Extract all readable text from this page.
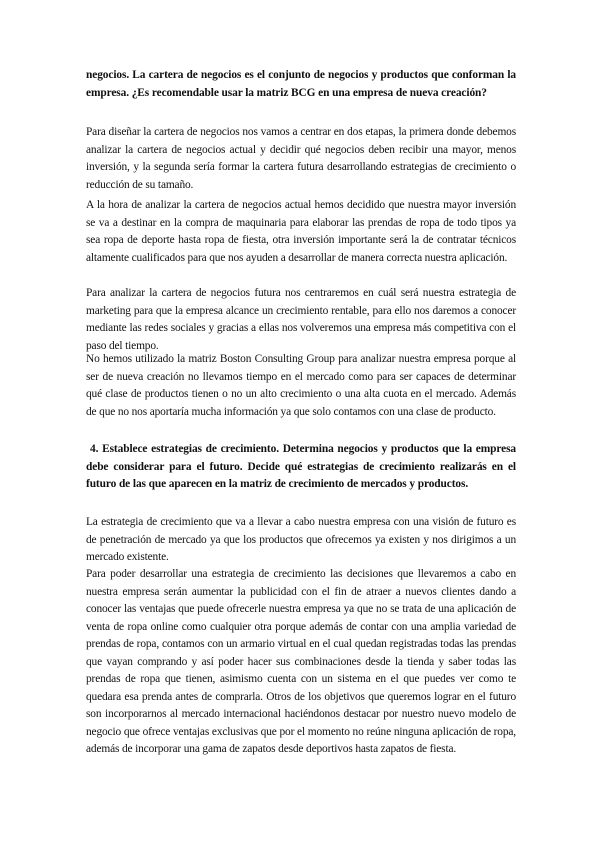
negocios. La cartera de negocios es el conjunto de negocios y productos que conforman la empresa. ¿Es recomendable usar la matriz BCG en una empresa de nueva creación?

Para diseñar la cartera de negocios nos vamos a centrar en dos etapas, la primera donde debemos analizar la cartera de negocios actual y decidir qué negocios deben recibir una mayor, menos inversión, y la segunda sería formar la cartera futura desarrollando estrategias de crecimiento o reducción de su tamaño.

A la hora de analizar la cartera de negocios actual hemos decidido que nuestra mayor inversión se va a destinar en la compra de maquinaria para elaborar las prendas de ropa de todo tipos ya sea ropa de deporte hasta ropa de fiesta, otra inversión importante será la de contratar técnicos altamente cualificados para que nos ayuden a desarrollar de manera correcta nuestra aplicación.

Para analizar la cartera de negocios futura nos centraremos en cuál será nuestra estrategia de marketing para que la empresa alcance un crecimiento rentable, para ello nos daremos a conocer mediante las redes sociales y gracias a ellas nos volveremos una empresa más competitiva con el paso del tiempo.

No hemos utilizado la matriz Boston Consulting Group para analizar nuestra empresa porque al ser de nueva creación no llevamos tiempo en el mercado como para ser capaces de determinar qué clase de productos tienen o no un alto crecimiento o una alta cuota en el mercado. Además de que no nos aportaría mucha información ya que solo contamos con una clase de producto.

4. Establece estrategias de crecimiento. Determina negocios y productos que la empresa debe considerar para el futuro. Decide qué estrategias de crecimiento realizarás en el futuro de las que aparecen en la matriz de crecimiento de mercados y productos.

La estrategia de crecimiento que va a llevar a cabo nuestra empresa con una visión de futuro es de penetración de mercado ya que los productos que ofrecemos ya existen y nos dirigimos a un mercado existente.

Para poder desarrollar una estrategia de crecimiento las decisiones que llevaremos a cabo en nuestra empresa serán aumentar la publicidad con el fin de atraer a nuevos clientes dando a conocer las ventajas que puede ofrecerle nuestra empresa ya que no se trata de una aplicación de venta de ropa online como cualquier otra porque además de contar con una amplia variedad de prendas de ropa, contamos con un armario virtual en el cual quedan registradas todas las prendas que vayan comprando y así poder hacer sus combinaciones desde la tienda y saber todas las prendas de ropa que tienen, asimismo cuenta con un sistema en el que puedes ver como te quedara esa prenda antes de comprarla. Otros de los objetivos que queremos lograr en el futuro son incorporarnos al mercado internacional haciéndonos destacar por nuestro nuevo modelo de negocio que ofrece ventajas exclusivas que por el momento no reúne ninguna aplicación de ropa, además de incorporar una gama de zapatos desde deportivos hasta zapatos de fiesta.
